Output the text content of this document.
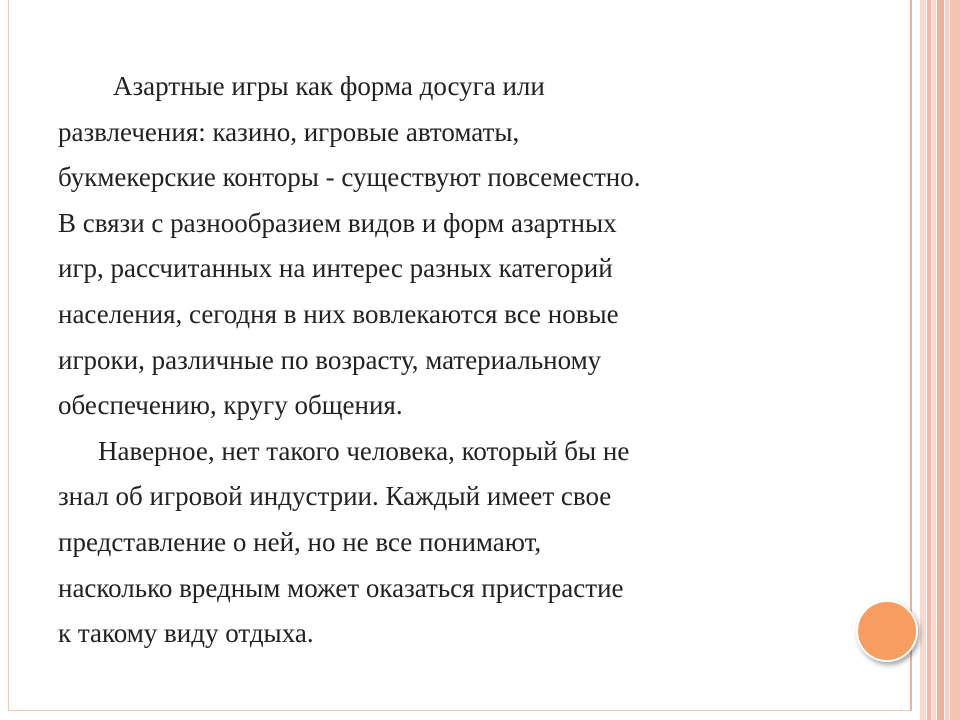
Азартные игры как форма досуга или
развлечения: казино, игровые автоматы,
букмекерские конторы - существуют повсеместно.
В связи с разнообразием видов и форм азартных
игр, рассчитанных на интерес разных категорий
населения, сегодня в них вовлекаются все новые
игроки, различные по возрасту, материальному
обеспечению, кругу общения.

Наверное, нет такого человека, который бы не
знал об игровой индустрии. Каждый имеет свое
представление о ней, но не все понимают,
насколько вредным может оказаться пристрастие
к такому виду отдыха.
